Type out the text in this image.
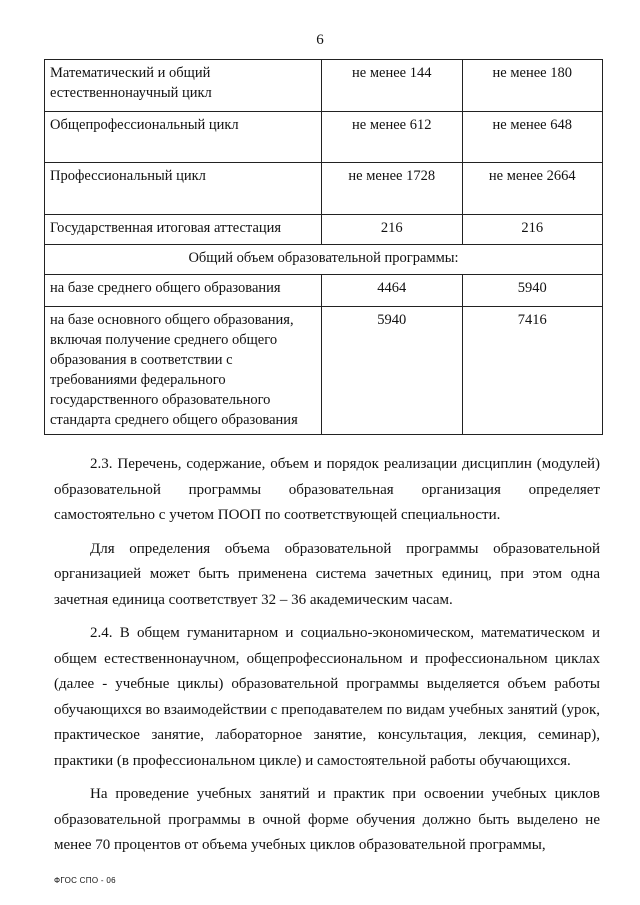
6
Математический и общий естественнонаучный цикл	не менее 144	не менее 180
Общепрофессиональный цикл	не менее 612	не менее 648
Профессиональный цикл	не менее 1728	не менее 2664
Государственная итоговая аттестация	216	216
Общий объем образовательной программы:		
на базе среднего общего образования	4464	5940
на базе основного общего образования, включая получение среднего общего образования в соответствии с требованиями федерального государственного образовательного стандарта среднего общего образования	5940	7416

2.3. Перечень, содержание, объем и порядок реализации дисциплин (модулей) образовательной программы образовательная организация определяет самостоятельно с учетом ПООП по соответствующей специальности.

Для определения объема образовательной программы образовательной организацией может быть применена система зачетных единиц, при этом одна зачетная единица соответствует 32 – 36 академическим часам.

2.4. В общем гуманитарном и социально-экономическом, математическом и общем естественнонаучном, общепрофессиональном и профессиональном циклах (далее - учебные циклы) образовательной программы выделяется объем работы обучающихся во взаимодействии с преподавателем по видам учебных занятий (урок, практическое занятие, лабораторное занятие, консультация, лекция, семинар), практики (в профессиональном цикле) и самостоятельной работы обучающихся.

На проведение учебных занятий и практик при освоении учебных циклов образовательной программы в очной форме обучения должно быть выделено не менее 70 процентов от объема учебных циклов образовательной программы,

ФГОС СПО - 06
